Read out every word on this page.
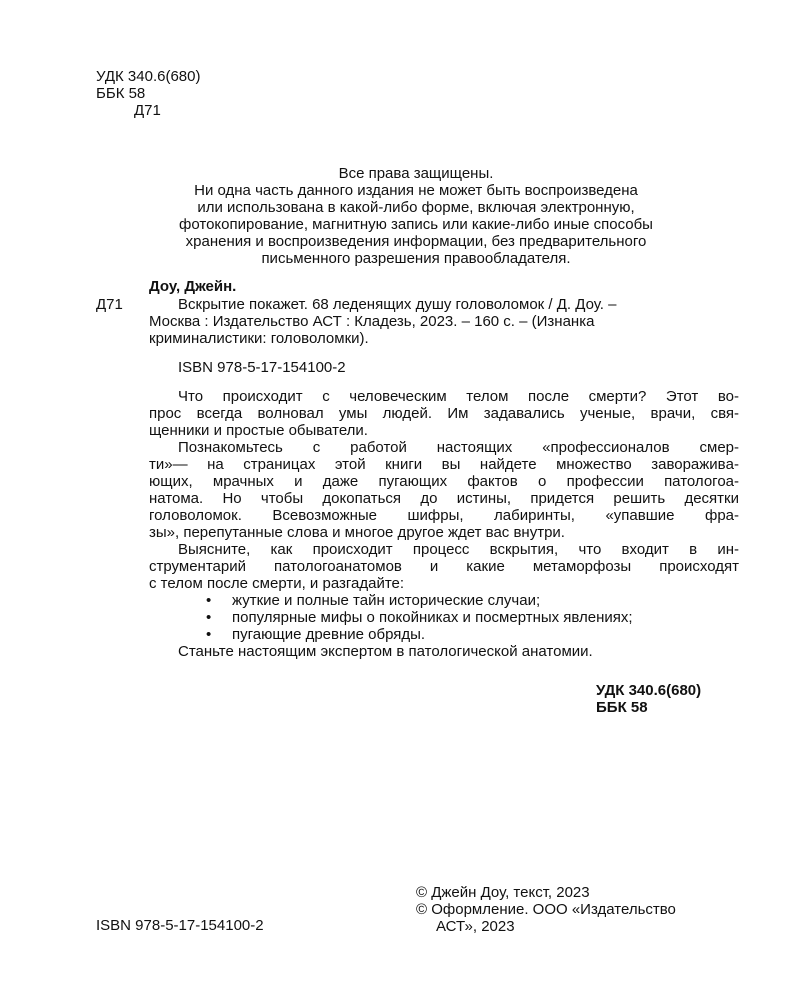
УДК 340.6(680)
ББК 58
Д71
Все права защищены.
Ни одна часть данного издания не может быть воспроизведена
или использована в какой-либо форме, включая электронную,
фотокопирование, магнитную запись или какие-либо иные способы
хранения и воспроизведения информации, без предварительного
письменного разрешения правообладателя.
Доу, Джейн.
Д71	Вскрытие покажет. 68 леденящих душу головоломок / Д. Доу. –
Москва : Издательство АСТ : Кладезь, 2023. – 160 с. – (Изнанка
криминалистики: головоломки).
ISBN 978-5-17-154100-2
Что происходит с человеческим телом после смерти? Этот во-
прос всегда волновал умы людей. Им задавались ученые, врачи, свя-
щенники и простые обыватели.
Познакомьтесь с работой настоящих «профессионалов смер-
ти»— на страницах этой книги вы найдете множество завораживa-
ющих, мрачных и даже пугающих фактов о профессии патологоа-
натома. Но чтобы докопаться до истины, придется решить десятки
головоломок. Всевозможные шифры, лабиринты, «упавшие фра-
зы», перепутанные слова и многое другое ждет вас внутри.
Выясните, как происходит процесс вскрытия, что входит в ин-
струментарий патологоанатомов и какие метаморфозы происходят
с телом после смерти, и разгадайте:
• жуткие и полные тайн исторические случаи;
• популярные мифы о покойниках и посмертных явлениях;
• пугающие древние обряды.
Станьте настоящим экспертом в патологической анатомии.
УДК 340.6(680)
ББК 58
© Джейн Доу, текст, 2023
© Оформление. ООО «Издательство
АСТ», 2023
ISBN 978-5-17-154100-2
